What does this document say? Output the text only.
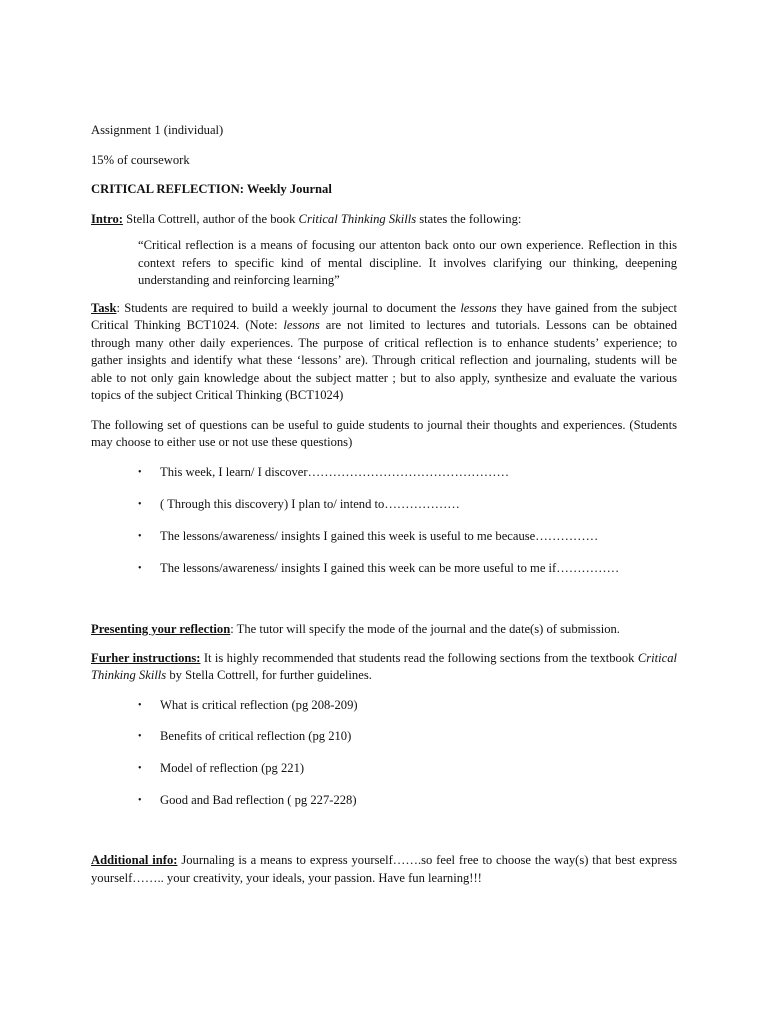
Assignment 1 (individual)

15% of coursework

CRITICAL REFLECTION: Weekly Journal

Intro: Stella Cottrell, author of the book Critical Thinking Skills states the following:

“Critical reflection is a means of focusing our attenton back onto our own experience. Reflection in this context refers to specific kind of mental discipline. It involves clarifying our thinking, deepening understanding and reinforcing learning”

Task: Students are required to build a weekly journal to document the lessons they have gained from the subject Critical Thinking BCT1024. (Note: lessons are not limited to lectures and tutorials. Lessons can be obtained through many other daily experiences. The purpose of critical reflection is to enhance students’ experience; to gather insights and identify what these ‘lessons’ are). Through critical reflection and journaling, students will be able to not only gain knowledge about the subject matter ; but to also apply, synthesize and evaluate the various topics of the subject Critical Thinking (BCT1024)

The following set of questions can be useful to guide students to journal their thoughts and experiences. (Students may choose to either use or not use these questions)

• This week, I learn/ I discover…………………………………………
• ( Through this discovery) I plan to/ intend to………………
• The lessons/awareness/ insights I gained this week is useful to me because……………
• The lessons/awareness/ insights I gained this week can be more useful to me if……………

Presenting your reflection: The tutor will specify the mode of the journal and the date(s) of submission.

Furher instructions: It is highly recommended that students read the following sections from the textbook Critical Thinking Skills by Stella Cottrell, for further guidelines.

• What is critical reflection (pg 208-209)
• Benefits of critical reflection (pg 210)
• Model of reflection (pg 221)
• Good and Bad reflection ( pg 227-228)

Additional info: Journaling is a means to express yourself…….so feel free to choose the way(s) that best express yourself…….. your creativity, your ideals, your passion. Have fun learning!!!
